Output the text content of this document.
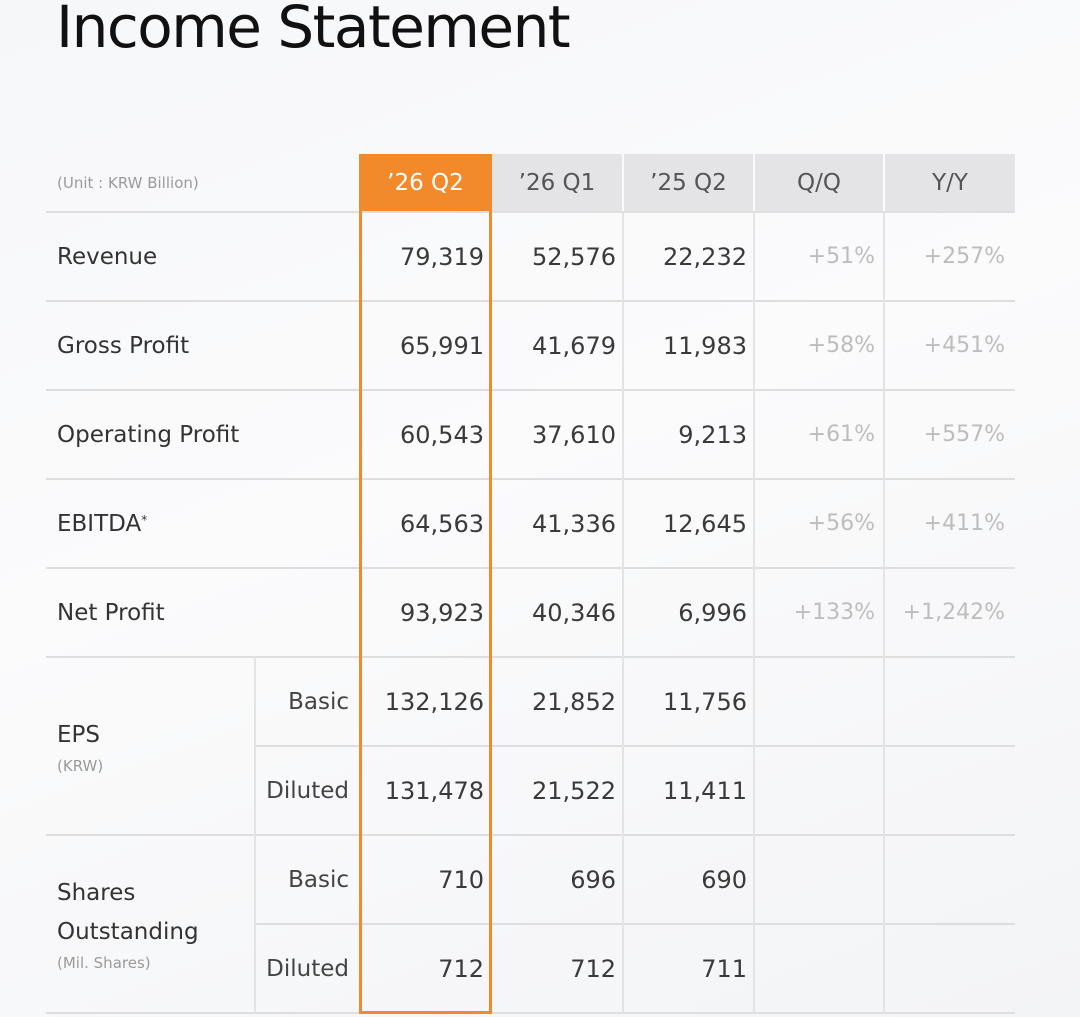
Income Statement
(Unit : KRW Billion)	’26 Q2	’26 Q1	’25 Q2	Q/Q	Y/Y
Revenue	79,319	52,576	22,232	+51%	+257%
Gross Profit	65,991	41,679	11,983	+58%	+451%
Operating Profit	60,543	37,610	9,213	+61%	+557%
EBITDA*	64,563	41,336	12,645	+56%	+411%
Net Profit	93,923	40,346	6,996	+133%	+1,242%
EPS
(KRW)
Basic	132,126	21,852	11,756
Diluted	131,478	21,522	11,411
Shares
Outstanding
(Mil. Shares)
Basic	710	696	690
Diluted	712	712	711
